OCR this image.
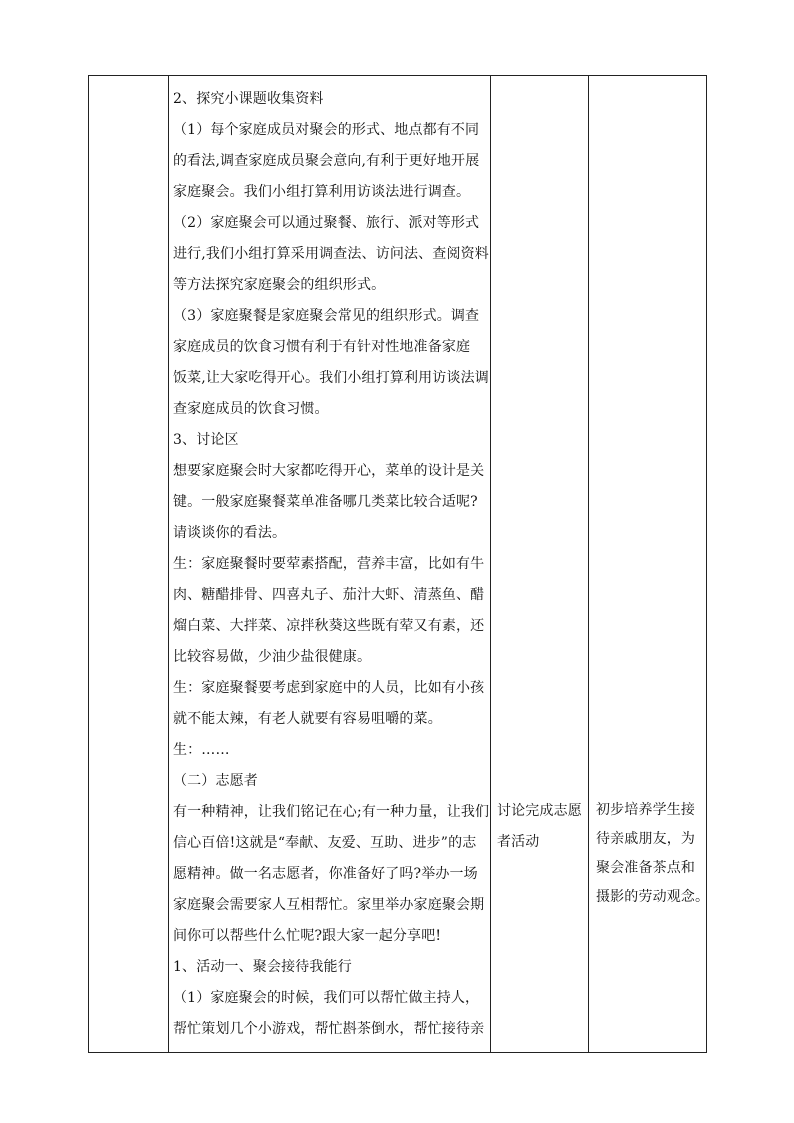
2、探究小课题收集资料

（1）每个家庭成员对聚会的形式、地点都有不同

的看法,调查家庭成员聚会意向,有利于更好地开展

家庭聚会。我们小组打算利用访谈法进行调查。

（2）家庭聚会可以通过聚餐、旅行、派对等形式

进行,我们小组打算采用调查法、访问法、查阅资料

等方法探究家庭聚会的组织形式。

（3）家庭聚餐是家庭聚会常见的组织形式。调查

家庭成员的饮食习惯有利于有针对性地准备家庭

饭菜,让大家吃得开心。我们小组打算利用访谈法调

查家庭成员的饮食习惯。

3、讨论区

想要家庭聚会时大家都吃得开心，菜单的设计是关

键。一般家庭聚餐菜单准备哪几类菜比较合适呢?

请谈谈你的看法。

生：家庭聚餐时要荤素搭配，营养丰富，比如有牛

肉、糖醋排骨、四喜丸子、茄汁大虾、清蒸鱼、醋

熘白菜、大拌菜、凉拌秋葵这些既有荤又有素，还

比较容易做，少油少盐很健康。

生：家庭聚餐要考虑到家庭中的人员，比如有小孩

就不能太辣，有老人就要有容易咀嚼的菜。

生：……

（二）志愿者

有一种精神，让我们铭记在心;有一种力量，让我们

信心百倍!这就是“奉献、友爱、互助、进步”的志

愿精神。做一名志愿者，你准备好了吗?举办一场

家庭聚会需要家人互相帮忙。家里举办家庭聚会期

间你可以帮些什么忙呢?跟大家一起分享吧!

1、活动一、聚会接待我能行

（1）家庭聚会的时候，我们可以帮忙做主持人，

帮忙策划几个小游戏，帮忙斟茶倒水，帮忙接待亲

讨论完成志愿

者活动

初步培养学生接

待亲戚朋友，为

聚会准备茶点和

摄影的劳动观念。
